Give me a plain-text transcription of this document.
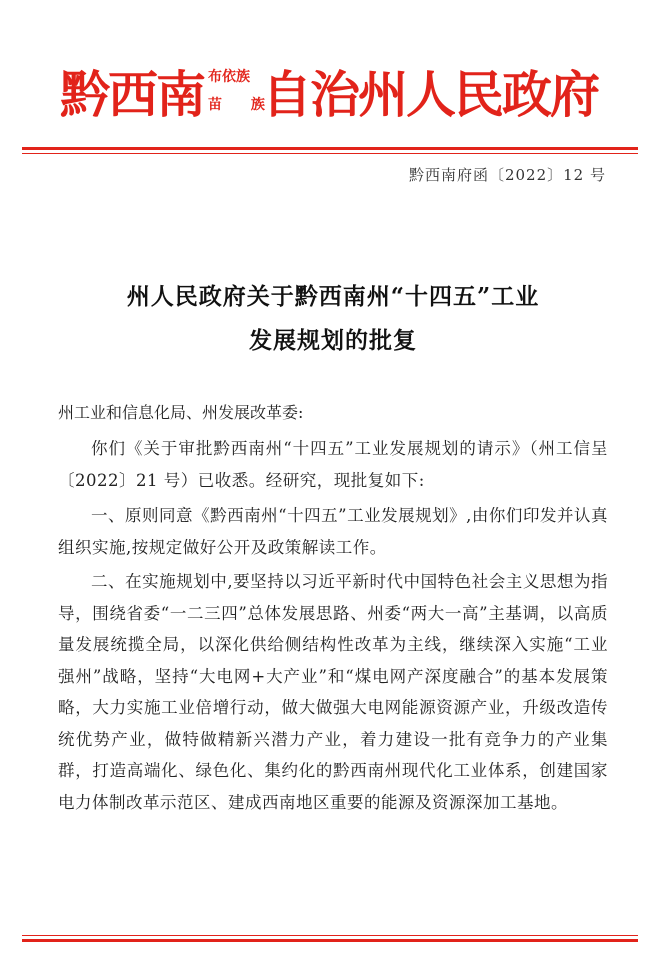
黔西南 布依族
苗 族
自治州人民政府
黔西南府函〔2022〕12 号
州人民政府关于黔西南州“十四五”工业
发展规划的批复
州工业和信息化局、州发展改革委:
你们《关于审批黔西南州“十四五”工业发展规划的请示》（州工信呈〔2022〕21 号）已收悉。经研究，现批复如下:
一、原则同意《黔西南州“十四五”工业发展规划》,由你们印发并认真组织实施,按规定做好公开及政策解读工作。
二、在实施规划中,要坚持以习近平新时代中国特色社会主义思想为指导，围绕省委“一二三四”总体发展思路、州委“两大一高”主基调，以高质量发展统揽全局，以深化供给侧结构性改革为主线，继续深入实施“工业强州”战略，坚持“大电网+大产业”和“煤电网产深度融合”的基本发展策略，大力实施工业倍增行动，做大做强大电网能源资源产业，升级改造传统优势产业，做特做精新兴潜力产业，着力建设一批有竞争力的产业集群，打造高端化、绿色化、集约化的黔西南州现代化工业体系，创建国家电力体制改革示范区、建成西南地区重要的能源及资源深加工基地。
